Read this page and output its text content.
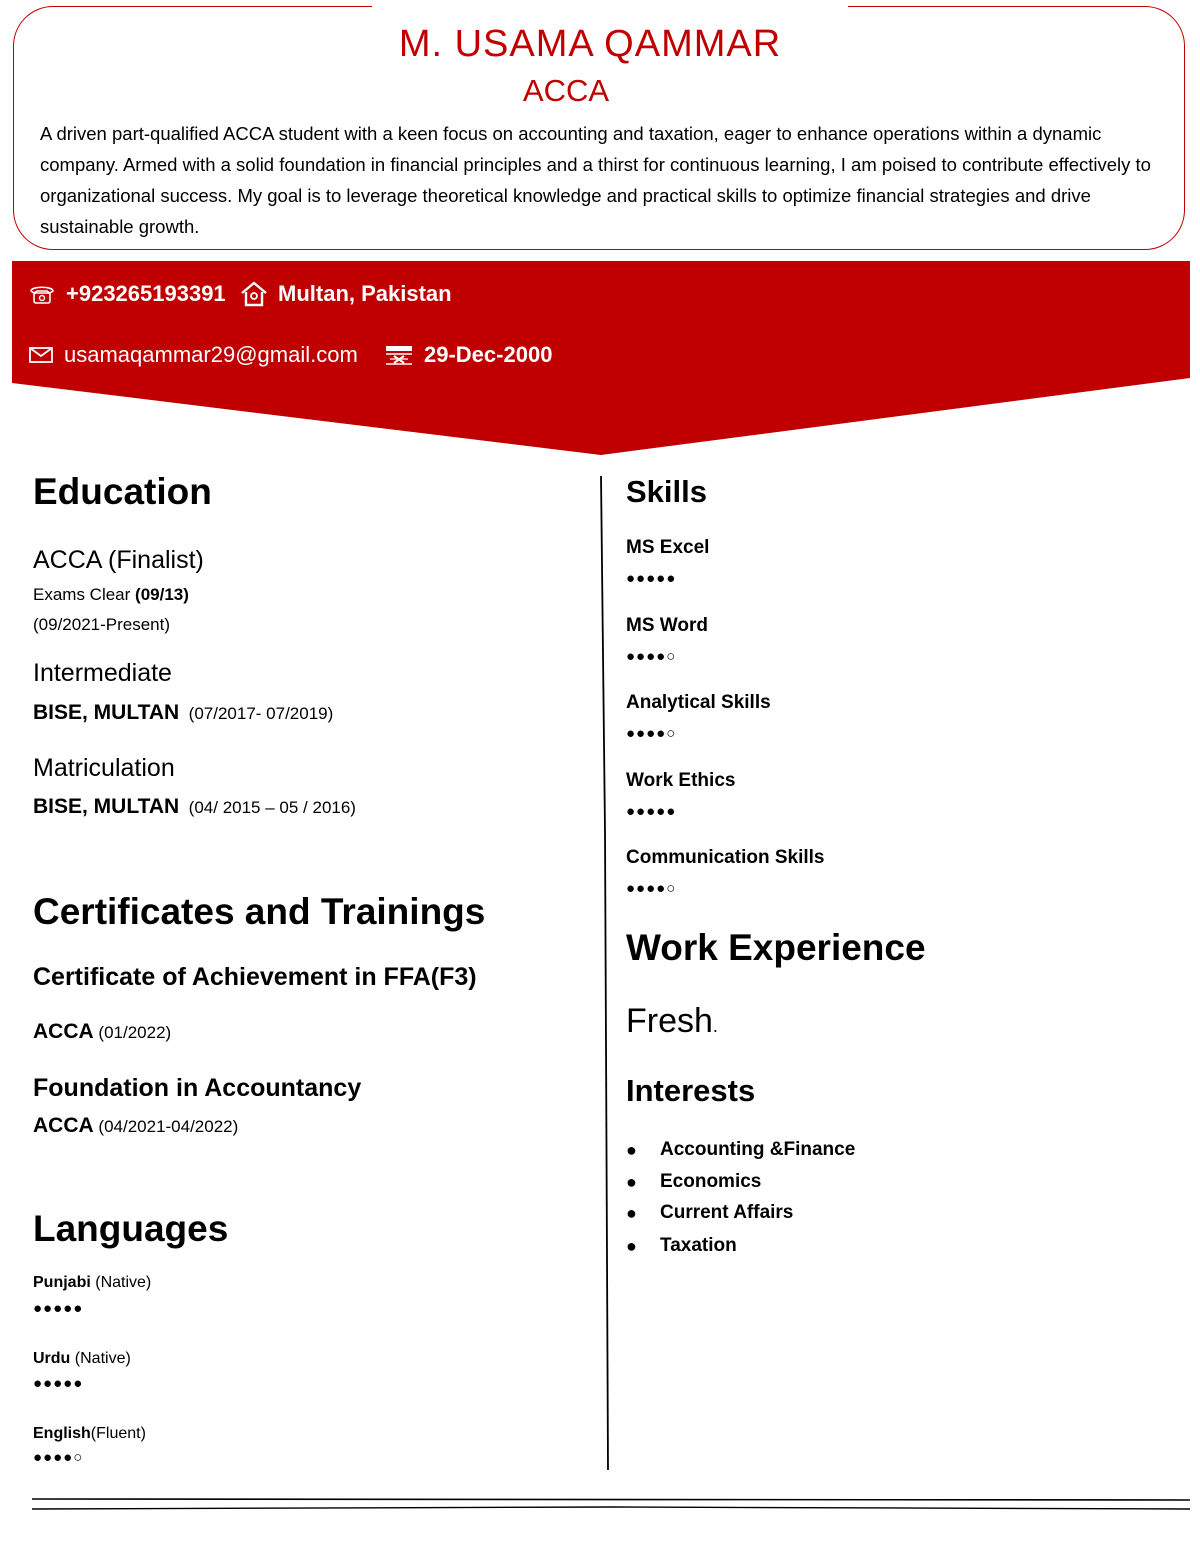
M. USAMA QAMMAR
ACCA
A driven part-qualified ACCA student with a keen focus on accounting and taxation, eager to enhance operations within a dynamic company. Armed with a solid foundation in financial principles and a thirst for continuous learning, I am poised to contribute effectively to organizational success. My goal is to leverage theoretical knowledge and practical skills to optimize financial strategies and drive sustainable growth.
+923265193391 Multan, Pakistan
usamaqammar29@gmail.com	29-Dec-2000
Education
ACCA (Finalist)
Exams Clear (09/13)
(09/2021-Present)
Intermediate
BISE, MULTAN (07/2017- 07/2019)
Matriculation
BISE, MULTAN (04/ 2015 – 05 / 2016)
Certificates and Trainings
Certificate of Achievement in FFA(F3)
ACCA (01/2022)
Foundation in Accountancy
ACCA (04/2021-04/2022)
Languages
Punjabi (Native)
●●●●●
Urdu (Native)
●●●●●
English(Fluent)
●●●●○
Skills
MS Excel
●●●●●
MS Word
●●●●○
Analytical Skills
●●●●○
Work Ethics
●●●●●
Communication Skills
●●●●○
Work Experience
Fresh.
Interests
● Accounting &Finance
● Economics
● Current Affairs
● Taxation
